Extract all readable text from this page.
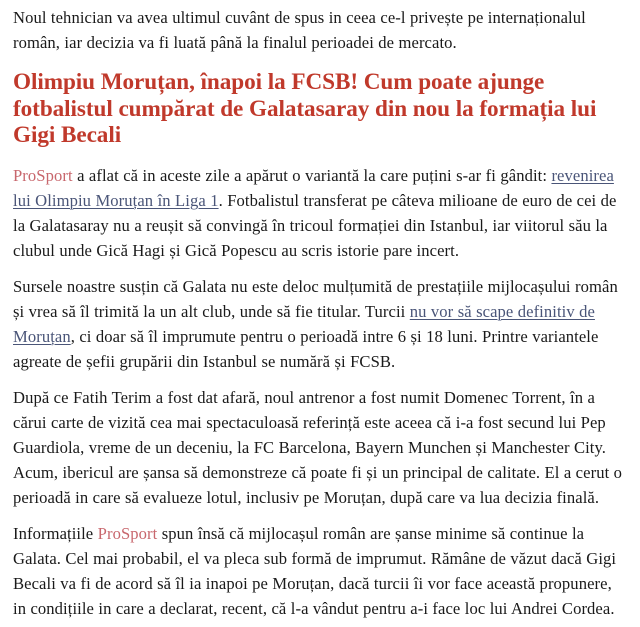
Noul tehnician va avea ultimul cuvânt de spus in ceea ce-l privește pe internaționalul român, iar decizia va fi luată până la finalul perioadei de mercato.

Olimpiu Moruțan, înapoi la FCSB! Cum poate ajunge fotbalistul cumpărat de Galatasaray din nou la formația lui Gigi Becali

ProSport a aflat că in aceste zile a apărut o variantă la care puțini s-ar fi gândit: revenirea lui Olimpiu Moruțan în Liga 1. Fotbalistul transferat pe câteva milioane de euro de cei de la Galatasaray nu a reușit să convingă în tricoul formației din Istanbul, iar viitorul său la clubul unde Gică Hagi și Gică Popescu au scris istorie pare incert.

Sursele noastre susțin că Galata nu este deloc mulțumită de prestațiile mijlocașului român și vrea să îl trimită la un alt club, unde să fie titular. Turcii nu vor să scape definitiv de Moruțan, ci doar să îl imprumute pentru o perioadă intre 6 și 18 luni. Printre variantele agreate de șefii grupării din Istanbul se numără și FCSB.

După ce Fatih Terim a fost dat afară, noul antrenor a fost numit Domenec Torrent, în a cărui carte de vizită cea mai spectaculoasă referință este aceea că i-a fost secund lui Pep Guardiola, vreme de un deceniu, la FC Barcelona, Bayern Munchen și Manchester City. Acum, ibericul are șansa să demonstreze că poate fi și un principal de calitate. El a cerut o perioadă in care să evalueze lotul, inclusiv pe Moruțan, după care va lua decizia finală.

Informațiile ProSport spun însă că mijlocașul român are șanse minime să continue la Galata. Cel mai probabil, el va pleca sub formă de imprumut. Rămâne de văzut dacă Gigi Becali va fi de acord să îl ia inapoi pe Moruțan, dacă turcii îi vor face această propunere, in condițiile in care a declarat, recent, că l-a vândut pentru a-i face loc lui Andrei Cordea.
